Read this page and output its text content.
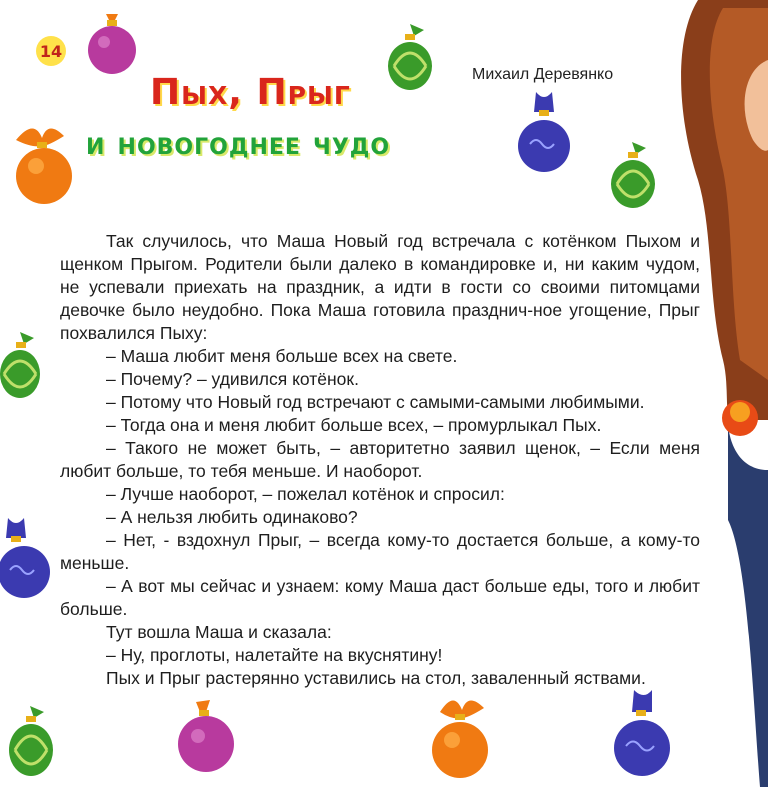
14
Михаил Деревянко
Пых, Прыг
и новогоднее чудо

Так случилось, что Маша Новый год встречала с котёнком Пыхом и щенком Прыгом. Родители были далеко в командировке и, ни каким чудом, не успевали приехать на праздник, а идти в гости со своими питомцами девочке было неудобно. Пока Маша готовила празднич-ное угощение, Прыг похвалился Пыху:

– Маша любит меня больше всех на свете.

– Почему? – удивился котёнок.

– Потому что Новый год встречают с самыми-самыми любимыми.

– Тогда она и меня любит больше всех, – промурлыкал Пых.

– Такого не может быть, – авторитетно заявил щенок, – Если меня любит больше, то тебя меньше. И наоборот.

– Лучше наоборот, – пожелал котёнок и спросил:

– А нельзя любить одинаково?

– Нет, - вздохнул Прыг, – всегда кому-то достается больше, а кому-то меньше.

– А вот мы сейчас и узнаем: кому Маша даст больше еды, того и любит больше.

Тут вошла Маша и сказала:

– Ну, проглоты, налетайте на вкуснятину!

Пых и Прыг растерянно уставились на стол, заваленный яствами.
